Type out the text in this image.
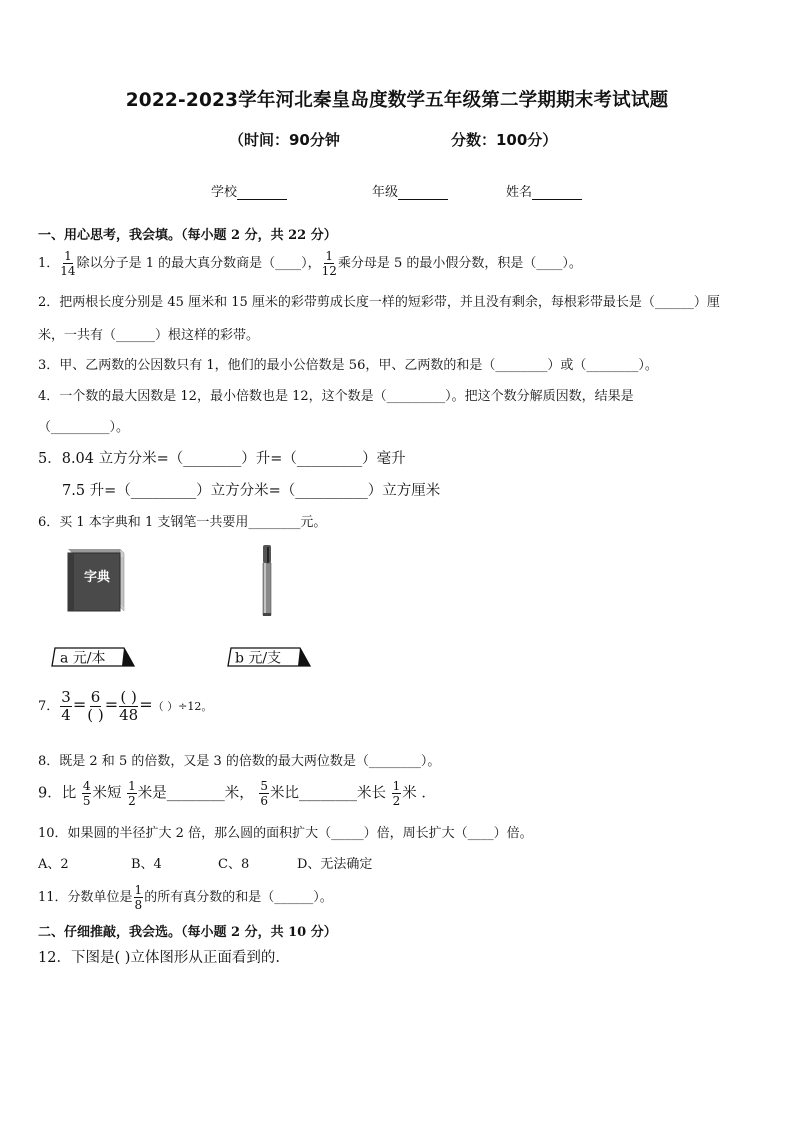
2022-2023学年河北秦皇岛度数学五年级第二学期期末考试试题
（时间：90分钟	分数：100分）
学校	年级	姓名
一、用心思考，我会填。（每小题 2 分，共 22 分）
1． $\frac{1}{14}$ 除以分子是 1 的最大真分数商是（____）， $\frac{1}{12}$ 乘分母是 5 的最小假分数，积是（____）。
2．把两根长度分别是 45 厘米和 15 厘米的彩带剪成长度一样的短彩带，并且没有剩余，每根彩带最长是（______）厘
米，一共有（______）根这样的彩带。
3．甲、乙两数的公因数只有 1，他们的最小公倍数是 56，甲、乙两数的和是（________）或（________）。
4．一个数的最大因数是 12，最小倍数也是 12，这个数是（_________）。把这个数分解质因数，结果是
（_________）。
5．8.04 立方分米=（________）升=（_________）毫升
7.5 升=（_________）立方分米=（__________）立方厘米
6．买 1 本字典和 1 支钢笔一共要用________元。
字典
a 元/本	b 元/支
7． $\frac{3}{4} = \frac{6}{( )} = \frac{( )}{48}$ =（ ）÷12。
8．既是 2 和 5 的倍数，又是 3 的倍数的最大两位数是（________）。
9．比 $\frac{4}{5}$ 米短 $\frac{1}{2}$ 米是________米， $\frac{5}{6}$ 米比________米长 $\frac{1}{2}$ 米 ．
10．如果圆的半径扩大 2 倍，那么圆的面积扩大（_____）倍，周长扩大（____）倍。
A、2	B、4	C、8	D、无法确定
11．分数单位是 $\frac{1}{8}$ 的所有真分数的和是（______）。
二、仔细推敲，我会选。（每小题 2 分，共 10 分）
12．下图是( )立体图形从正面看到的.
